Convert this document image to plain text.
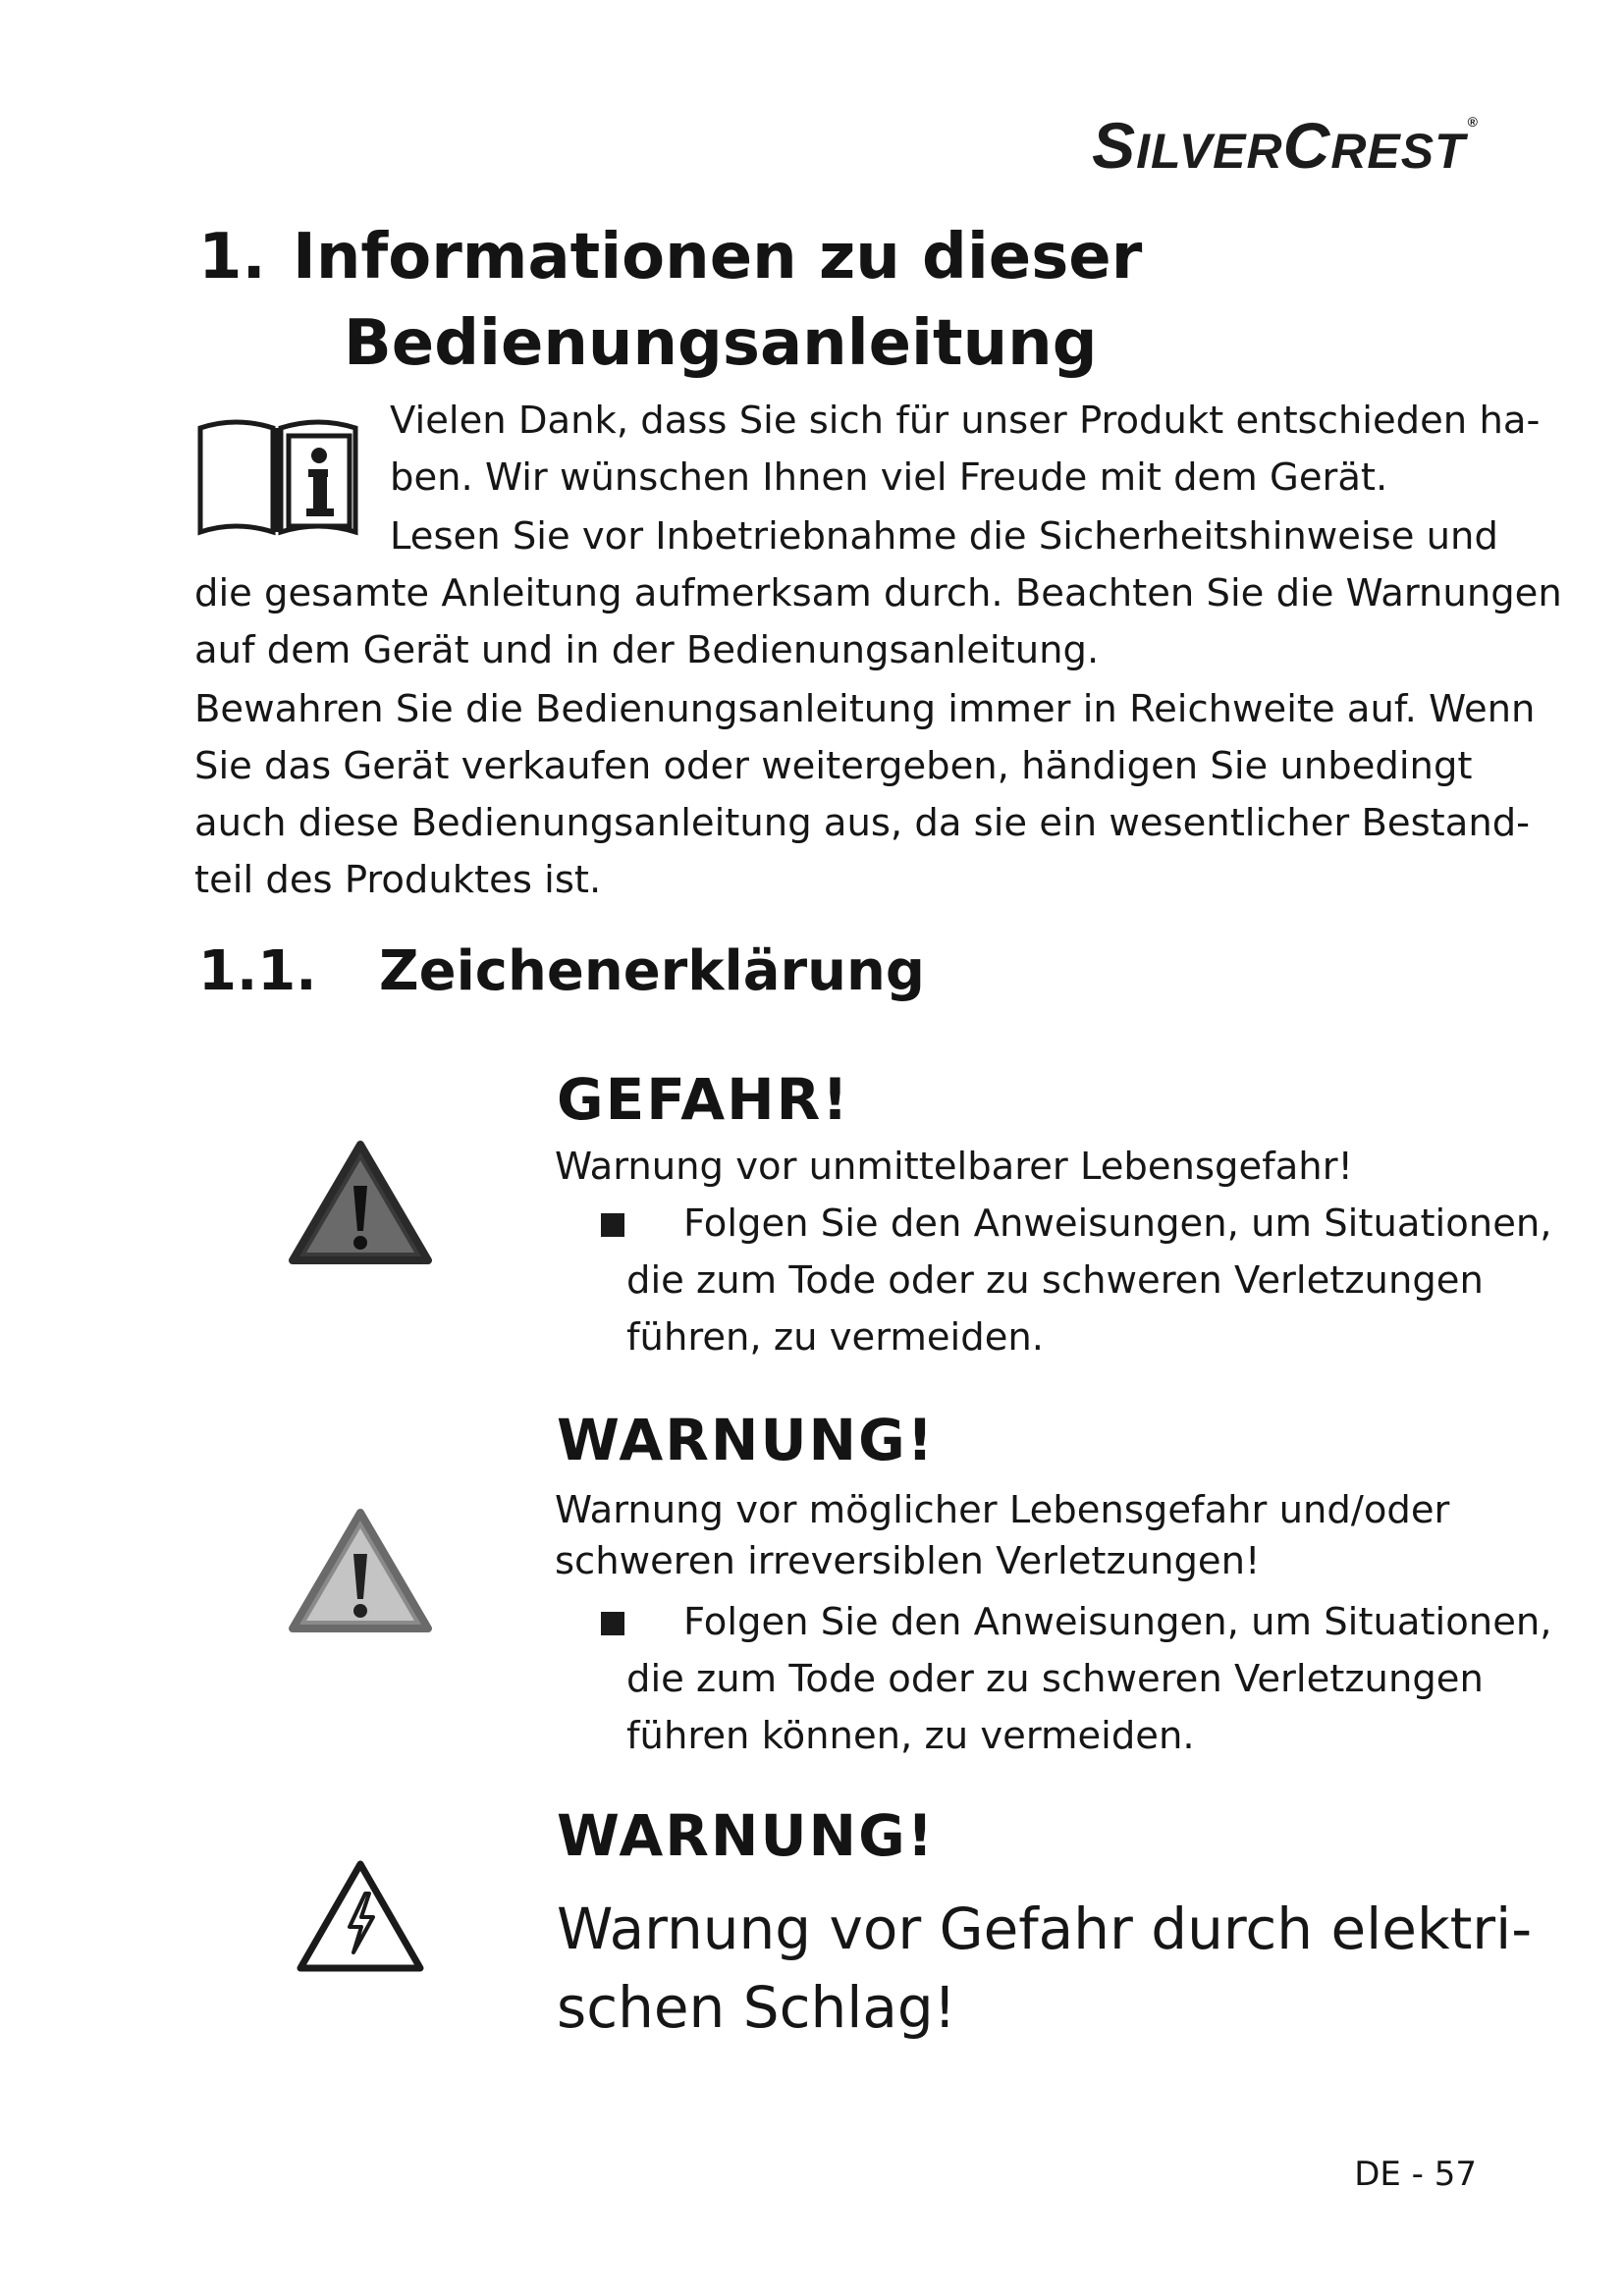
SILVERCREST®
1. Informationen zu dieser
Bedienungsanleitung
Vielen Dank, dass Sie sich für unser Produkt entschieden ha-
ben. Wir wünschen Ihnen viel Freude mit dem Gerät.
Lesen Sie vor Inbetriebnahme die Sicherheitshinweise und
die gesamte Anleitung aufmerksam durch. Beachten Sie die Warnungen
auf dem Gerät und in der Bedienungsanleitung.
Bewahren Sie die Bedienungsanleitung immer in Reichweite auf. Wenn
Sie das Gerät verkaufen oder weitergeben, händigen Sie unbedingt
auch diese Bedienungsanleitung aus, da sie ein wesentlicher Bestand-
teil des Produktes ist.
1.1. Zeichenerklärung
GEFAHR!
Warnung vor unmittelbarer Lebensgefahr!
Folgen Sie den Anweisungen, um Situationen,
die zum Tode oder zu schweren Verletzungen
führen, zu vermeiden.
WARNUNG!
Warnung vor möglicher Lebensgefahr und/oder
schweren irreversiblen Verletzungen!
Folgen Sie den Anweisungen, um Situationen,
die zum Tode oder zu schweren Verletzungen
führen können, zu vermeiden.
WARNUNG!
Warnung vor Gefahr durch elektri-
schen Schlag!
DE - 57
